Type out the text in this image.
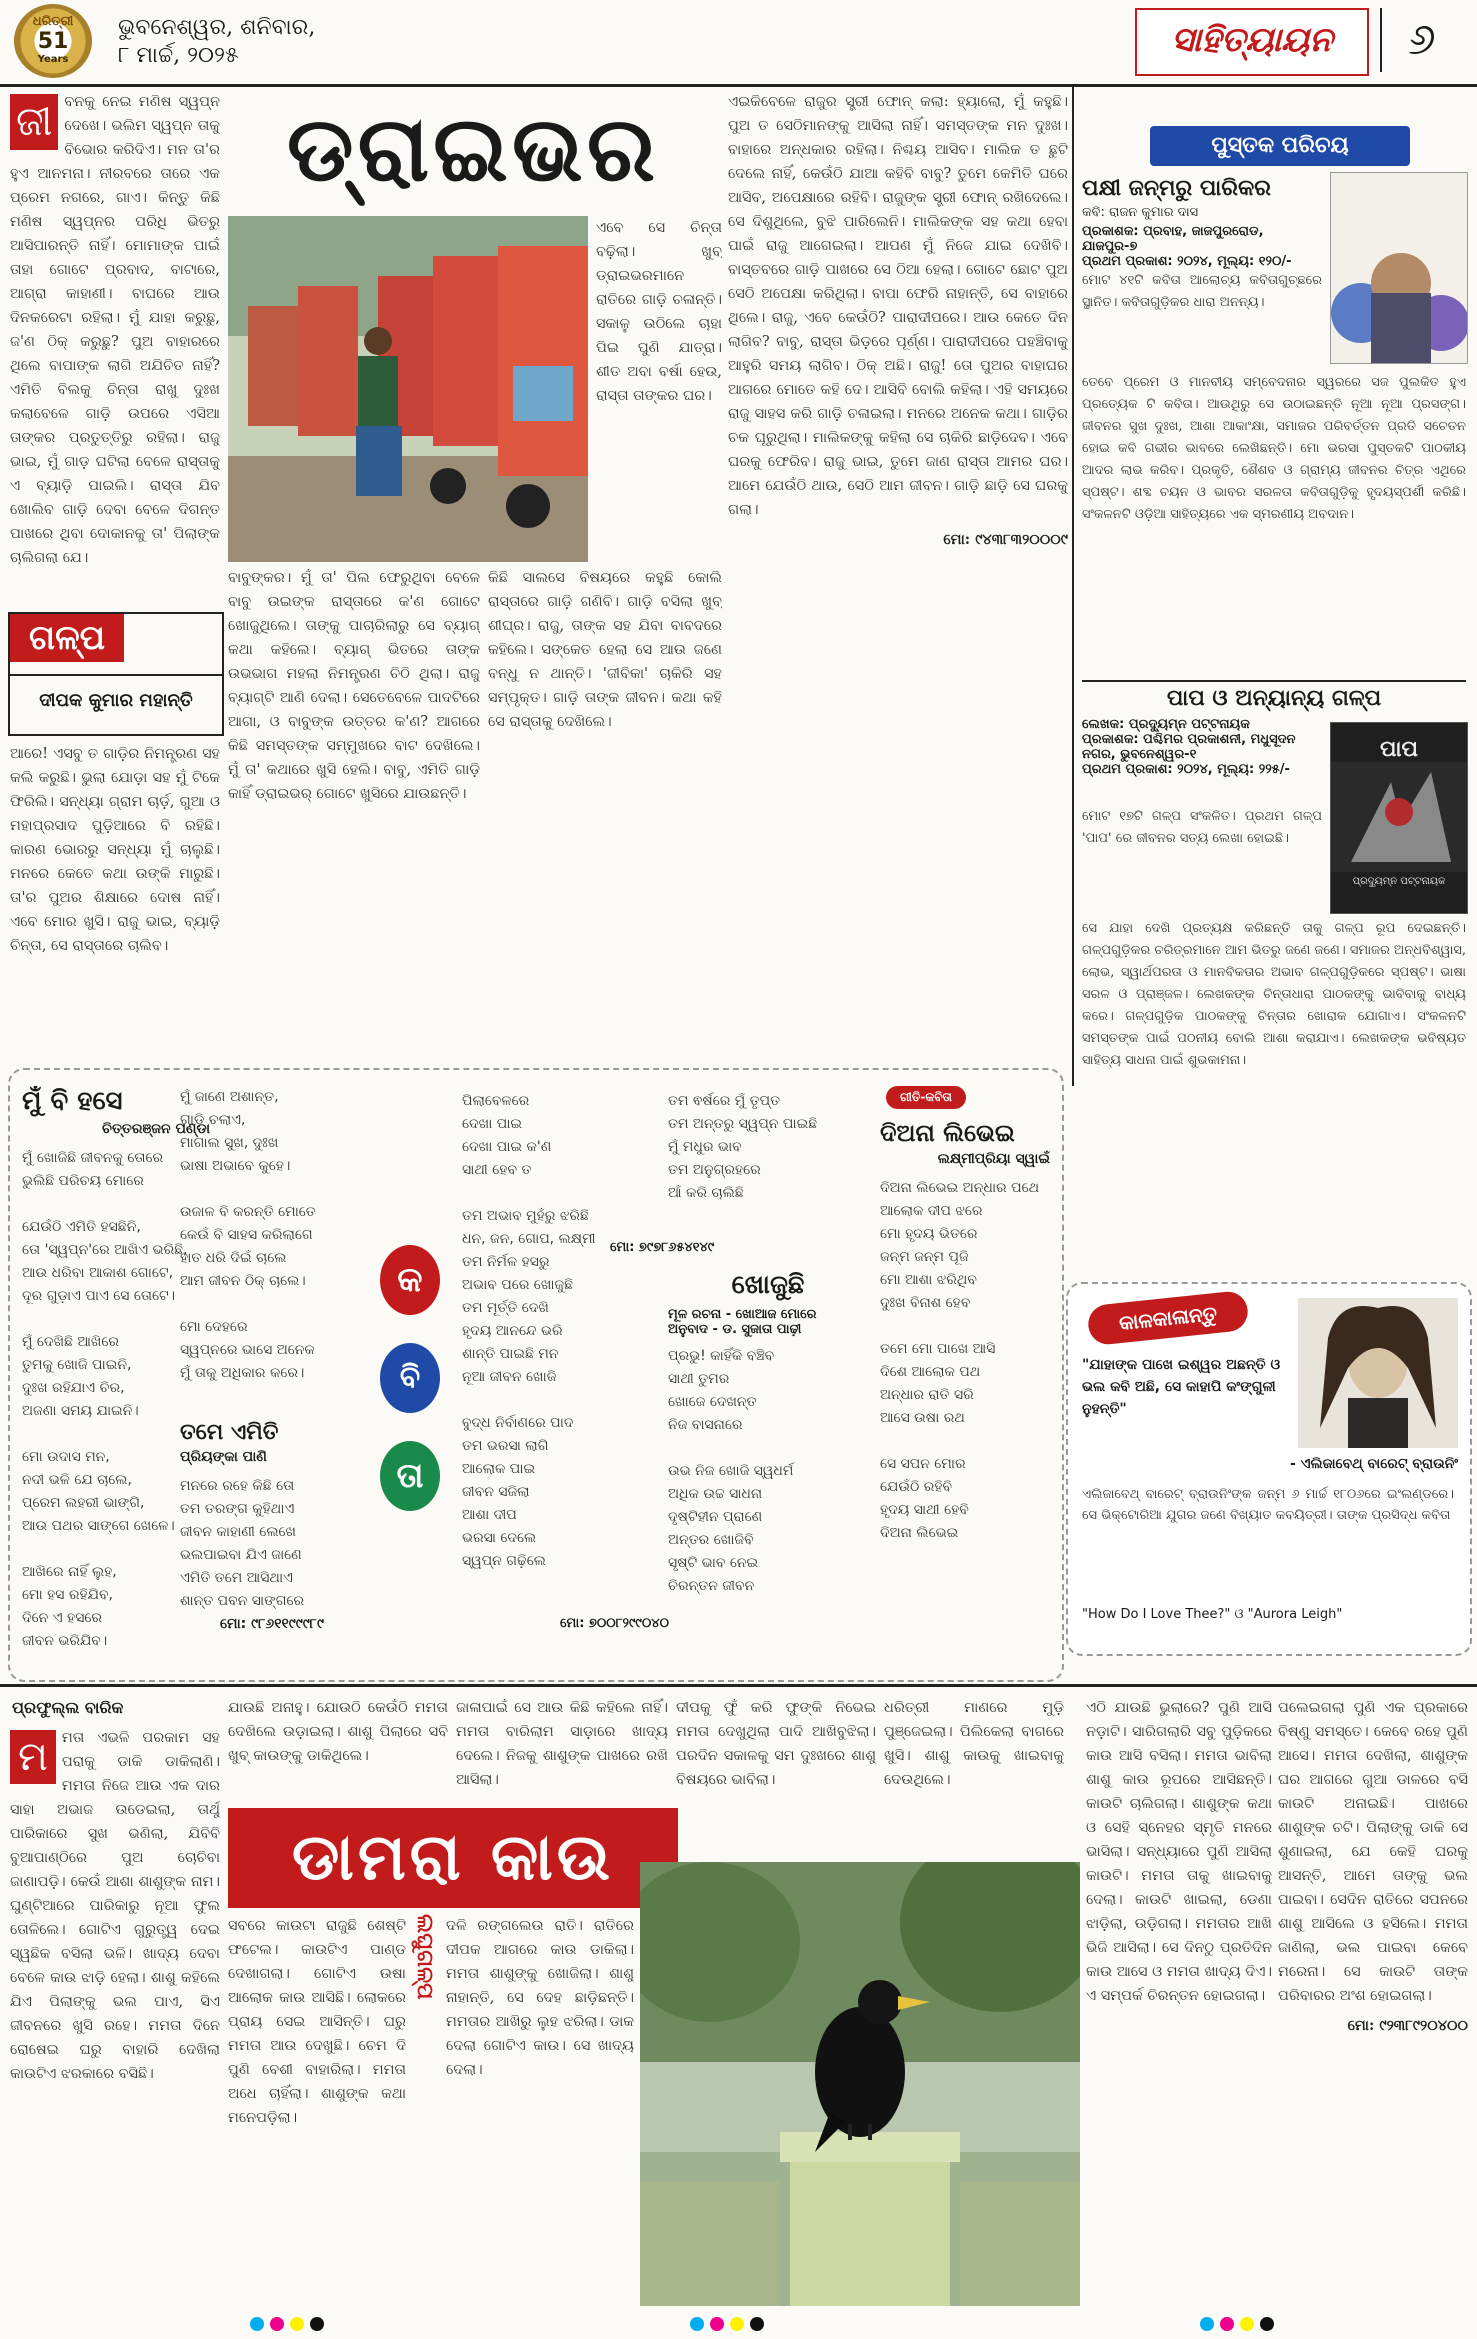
ଧରିତ୍ରୀ
51
Years
ଭୁବନେଶ୍ୱର, ଶନିବାର,
୮ ମାର୍ଚ୍ଚ, ୨୦୨୫	ସାହିତ୍ୟାୟନ	୬
ଡ୍ରାଇଭର
ଜୀ ବନକୁ ନେଇ ମଣିଷ ସ୍ୱପ୍ନ ଦେଖେ। ଭଲିମ ସ୍ୱପ୍ନ ତାକୁ ବିଭୋର କରିଦିଏ। ମନ ତା'ର ହୁଏ ଆନମନା। ନୀରବରେ ତାରେ ଏକ ପ୍ରେମ ନଗରେ, ଗାଏ। କିନ୍ତୁ କିଛି ମଣିଷ ସ୍ୱପ୍ନର ପରିଧି ଭିତରୁ ଆସିପାରନ୍ତି ନାହିଁ। ମୋମାଙ୍କ ପାଇଁ ତାହା ଗୋଟେ ପ୍ରବାଦ, ବାଟାରେ, ଆଗ୍ରା କାହାଣୀ। ବାଘରେ ଆଉ ଦିନକରେଟା ରହିଲା। ମୁଁ ଯାହା କରୁଛୁ, ଜ'ଣ ଠିକ୍ କରୁଛୁ? ପୁଅ ବାହାରରେ ଥିଲେ ବାପାଙ୍କ ଲାଗି ଅଯିଚିତ ନାହିଁ? ଏମିତି ବିଲକୁ ଚିନ୍ତା ରାଖୁ ଦୁଃଖ କଲାବେଳେ ଗାଡ଼ି ଉପରେ ଏସିଆ ତାଙ୍କର ପ୍ରତୁତ୍ତିରୁ ରହିଲା। ରାଜୁ ଭାଇ, ମୁଁ ଗାଡ଼ ଘଟିଲା ବେଳେ ରାସ୍ତାକୁ ଏ ବ୍ୟାଡ଼ି ପାଇଲି। ରାସ୍ତା ଯିବ ଖୋଲିବ ଗାଡ଼ି ଦେବା ବେଳେ ଦିଗନ୍ତ ପାଖରେ ଥିବା ଦୋକାନକୁ ତା' ପିଲାଙ୍କ ଚାଲିଗଲା ଯେ।
ଏବେ ସେ ଚିନ୍ତା ବଢ଼ିଲା। ଖୁବ୍ ଡ୍ରାଇଭରମାନେ ରାତିରେ ଗାଡ଼ି ଚଳାନ୍ତି। ସକାଳୁ ଉଠିଲେ ଚାହା ପିଇ ପୁଣି ଯାତ୍ରା। ଶୀତ ଅବା ବର୍ଷା ହେଉ, ରାସ୍ତା ତାଙ୍କର ଘର।
ଗଳ୍ପ
ଦୀପକ କୁମାର ମହାନ୍ତି
ଆରେ! ଏସବୁ ତ ଗାଡ଼ିର ନିମନ୍ତ୍ରଣ ସହ କଲି କରୁଛି। ଭୁଲା ଯୋଡ଼ା ସହ ମୁଁ ଟିକେ ଫିରିଲି। ସନ୍ଧ୍ୟା ଗ୍ରାମ ଚାର୍ଡ଼, ଗୁଆ ଓ ମହାପ୍ରସାଦ ପୁଡ଼ିଆରେ ବି ରହିଛି। କାରଣ ଭୋରରୁ ସନ୍ଧ୍ୟା ମୁଁ ଚାଲୁଛି। ମନରେ କେତେ କଥା ଉଙ୍କି ମାରୁଛି। ତା'ର ପୁଅର ଶିକ୍ଷାରେ ଦୋଷ ନାହିଁ। ଏବେ ମୋର ଖୁସି। ରାଜୁ ଭାଇ, ବ୍ୟାଡ଼ି ଚିନ୍ତା, ସେ ରାସ୍ତାରେ ଚାଲିବ।
ବାବୁଙ୍କର। ମୁଁ ତା' ପିଲ ଫେରୁଥିବା ବେଳେ ବାବୁ ଉଇଙ୍କ ରାସ୍ତାରେ କ'ଣ ଗୋଟେ ଖୋଜୁଥିଲେ। ତାଙ୍କୁ ପାଚାରିଲାରୁ ସେ ବ୍ୟାଗ୍ କଥା କହିଲେ। ବ୍ୟାଗ୍ ଭିତରେ ତାଙ୍କ ଉଭଭାଗ ମହଲା ନିମନ୍ତ୍ରଣ ଚିଠି ଥିଲା। ରାଜୁ ବ୍ୟାଗ୍ଟି ଆଣି ଦେଲା। ସେତେବେଳେ ପାଦଟିରେ ଆଗା, ଓ ବାବୁଙ୍କ ଉତ୍ତର କ'ଣ? ଆଗରେ କିଛି ସମସ୍ତଙ୍କ ସମ୍ମୁଖରେ ବାଟ ଦେଖିଲେ। ମୁଁ ତା' କଥାରେ ଖୁସି ହେଲି। ବାବୁ, ଏମିତି ଗାଡ଼ି କାହିଁ ଡ୍ରାଇଭର୍ ଗୋଟେ ଖୁସିରେ ଯାଉଛନ୍ତି।
କିଛି ସାଲସେ ବିଷୟରେ କହୁଛି କୋଲି ରାସ୍ତାରେ ଗାଡ଼ି ଗଣିବି। ଗାଡ଼ି ବସିଲା ଖୁବ୍ ଶୀଘ୍ର। ରାଜୁ, ତାଙ୍କ ସହ ଯିବା ବାବଦରେ କହିଲେ। ସଙ୍କେତ ହେଲା ସେ ଆଉ ଜଣେ ବନ୍ଧୁ ନ ଥାନ୍ତି। 'ଜୀବିକା' ଚାକିରି ସହ ସମ୍ପୃକ୍ତ। ଗାଡ଼ି ତାଙ୍କ ଜୀବନ। କଥା କହି ସେ ରାସ୍ତାକୁ ଦେଖିଲେ।
ଏଇକିବେଳେ ରାଜୁର ସ୍ତ୍ରୀ ଫୋନ୍ କଲା: ହ୍ୟାଲୋ, ମୁଁ କହୁଛି। ପୁଅ ତ ସେଠିମାନଙ୍କୁ ଆସିଲା ନାହିଁ। ସମସ୍ତଙ୍କ ମନ ଦୁଃଖ। ବାହାରେ ଅନ୍ଧକାର ରହିଲା। ନିଶ୍ଚୟ ଆସିବ। ମାଲିକ ତ ଛୁଟି ଦେଲେ ନାହିଁ, କେଉଁଠି ଯାଆ କହିବି ବାବୁ? ତୁମେ କେମିତି ଘରେ ଆସିବ, ଅପେକ୍ଷାରେ ରହିବି। ରାଜୁଙ୍କ ସ୍ତ୍ରୀ ଫୋନ୍ ରଖିଦେଲେ। ସେ ଦିଶୁଥିଲେ, ବୁଝି ପାରିଲେନି। ମାଲିକଙ୍କ ସହ କଥା ହେବା ପାଇଁ ରାଜୁ ଆଗେଇଲା। ଆପଣ ମୁଁ ନିଜେ ଯାଇ ଦେଖିବି। ବାସ୍ତବରେ ଗାଡ଼ି ପାଖରେ ସେ ଠିଆ ହେଲା। ଗୋଟେ ଛୋଟ ପୁଅ ସେଠି ଅପେକ୍ଷା କରିଥିଲା। ବାପା ଫେରି ନାହାନ୍ତି, ସେ ବାହାରେ ଥିଲେ। ରାଜୁ, ଏବେ କେଉଁଠି? ପାରାଦୀପରେ। ଆଉ କେତେ ଦିନ ଲାଗିବ? ବାବୁ, ରାସ୍ତା ଭିଡ଼ରେ ପୂର୍ଣ୍ଣ। ପାରାଦୀପରେ ପହଞ୍ଚିବାକୁ ଆହୁରି ସମୟ ଲାଗିବ। ଠିକ୍ ଅଛି। ରାଜୁ! ତୋ ପୁଅର ବାହାଘର ଆଗରେ ମୋତେ କହି ଦେ। ଆସିବି ବୋଲି କହିଲା। ଏହି ସମୟରେ ରାଜୁ ସାହସ କରି ଗାଡ଼ି ଚଳାଇଲା। ମନରେ ଅନେକ କଥା। ଗାଡ଼ିର ଚକ ଘୂରୁଥିଲା। ମାଲିକଙ୍କୁ କହିଲା ସେ ଚାକିରି ଛାଡ଼ିଦେବ। ଏବେ ଘରକୁ ଫେରିବ। ରାଜୁ ଭାଇ, ତୁମେ ଜାଣ ରାସ୍ତା ଆମର ଘର। ଆମେ ଯେଉଁଠି ଥାଉ, ସେଠି ଆମ ଜୀବନ। ଗାଡ଼ି ଛାଡ଼ି ସେ ଘରକୁ ଗଲା।
ମୋ: ୯୪୩୮୩୨୦୦୦୯
ପୁସ୍ତକ ପରିଚୟ
ପକ୍ଷୀ ଜନ୍ମରୁ ପାରିକର
କବି: ରାଜନ କୁମାର ଦାସ
ପ୍ରକାଶକ: ପ୍ରବାହ, ଜାଜପୁରରୋଡ, ଯାଜପୁର-୭
ପ୍ରଥମ ପ୍ରକାଶ: ୨୦୨୪, ମୂଲ୍ୟ: ୧୨୦/-
ମୋଟ ୪୧ଟି କବିତା ଆଲୋଚ୍ୟ କବିତାଗୁଚ୍ଛରେ ସ୍ଥାନିତ। କବିତାଗୁଡ଼ିକର ଧାରା ଅନନ୍ୟ।
ତେବେ ପ୍ରେମ ଓ ମାନବୀୟ ସମ୍ବେଦନାର ସ୍ୱରରେ ସଜ ପୁଲକିତ ହୁଏ ପ୍ରତ୍ୟେକ ଟି କବିତା। ଆଉଥିରୁ ସେ ଉଠାଇଛନ୍ତି ନୂଆ ନୂଆ ପ୍ରସଙ୍ଗ। ଜୀବନର ସୁଖ ଦୁଃଖ, ଆଶା ଆକାଂକ୍ଷା, ସମାଜର ପରିବର୍ତ୍ତନ ପ୍ରତି ସଚେତନ ହୋଇ କବି ଗଭୀର ଭାବରେ ଲେଖିଛନ୍ତି। ମୋ ଭରସା ପୁସ୍ତକଟି ପାଠକୀୟ ଆଦର ଲାଭ କରିବ। ପ୍ରକୃତି, ଶୈଶବ ଓ ଗ୍ରାମ୍ୟ ଜୀବନର ଚିତ୍ର ଏଥିରେ ସ୍ପଷ୍ଟ। ଶବ୍ଦ ଚୟନ ଓ ଭାବର ସରଳତା କବିତାଗୁଡ଼ିକୁ ହୃଦୟସ୍ପର୍ଶୀ କରିଛି। ସଂକଳନଟି ଓଡ଼ିଆ ସାହିତ୍ୟରେ ଏକ ସ୍ମରଣୀୟ ଅବଦାନ।
ପାପ ଓ ଅନ୍ୟାନ୍ୟ ଗଳ୍ପ
ଲେଖକ: ପ୍ରଦ୍ୟୁମ୍ନ ପଟ୍ଟନାୟକ
ପ୍ରକାଶକ: ପଶ୍ଚିମର ପ୍ରକାଶନୀ, ମଧୁସୂଦନ ନଗର, ଭୁବନେଶ୍ୱର-୧
ପ୍ରଥମ ପ୍ରକାଶ: ୨୦୨୪, ମୂଲ୍ୟ: ୨୨୫/-
ପାପ
ପ୍ରଦ୍ୟୁମ୍ନ ପଟ୍ଟନାୟକ
ମୋଟ ୧୭ଟି ଗଳ୍ପ ସଂକଳିତ। ପ୍ରଥମ ଗଳ୍ପ 'ପାପ' ରେ ଜୀବନର ସତ୍ୟ ଲେଖା ହୋଇଛି।
ସେ ଯାହା ଦେଖି ପ୍ରତ୍ୟକ୍ଷ କରିଛନ୍ତି ତାକୁ ଗଳ୍ପ ରୂପ ଦେଇଛନ୍ତି। ଗଳ୍ପଗୁଡ଼ିକର ଚରିତ୍ରମାନେ ଆମ ଭିତରୁ ଜଣେ ଜଣେ। ସମାଜର ଅନ୍ଧବିଶ୍ୱାସ, ଲୋଭ, ସ୍ୱାର୍ଥପରତା ଓ ମାନବିକତାର ଅଭାବ ଗଳ୍ପଗୁଡ଼ିକରେ ସ୍ପଷ୍ଟ। ଭାଷା ସରଳ ଓ ପ୍ରାଞ୍ଜଳ। ଲେଖକଙ୍କ ଚିନ୍ତାଧାରା ପାଠକଙ୍କୁ ଭାବିବାକୁ ବାଧ୍ୟ କରେ। ଗଳ୍ପଗୁଡ଼ିକ ପାଠକଙ୍କୁ ଚିନ୍ତାର ଖୋରାକ ଯୋଗାଏ। ସଂକଳନଟି ସମସ୍ତଙ୍କ ପାଇଁ ପଠନୀୟ ବୋଲି ଆଶା କରାଯାଏ। ଲେଖକଙ୍କ ଭବିଷ୍ୟତ ସାହିତ୍ୟ ସାଧନା ପାଇଁ ଶୁଭକାମନା।
କାଳକାଳାନ୍ତୁ
"ଯାହାଙ୍କ ପାଖେ ଇଶ୍ୱର ଅଛନ୍ତି ଓ ଭଲ କବି ଅଛି, ସେ କାହାପି କଂଙ୍ଗୁଳୀ ନୁହନ୍ତି"
- ଏଲିଜାବେଥ୍ ବାରେଟ୍ ବ୍ରାଉନିଂ
ଏଲିଜାବେଥ୍ ବାରେଟ୍ ବ୍ରାଉନିଂଙ୍କ ଜନ୍ମ ୬ ମାର୍ଚ୍ଚ ୧୮୦୬ରେ ଇଂଲଣ୍ଡରେ। ସେ ଭିକ୍ଟୋରିଆ ଯୁଗର ଜଣେ ବିଖ୍ୟାତ କବୟିତ୍ରୀ। ତାଙ୍କ ପ୍ରସିଦ୍ଧ କବିତା
"How Do I Love Thee?" ଓ "Aurora Leigh"
କ
ବି
ତା
ମୁଁ ବି ହସେ
ଚିତ୍ତରଞ୍ଜନ ପଣ୍ଡା
ମୁଁ ଖୋଜିଛି ଜୀବନକୁ ତୋରେ
ଭୁଲିଛି ପରିଚୟ ମୋରେ

ଯେଉଁଠି ଏମିତି ହସଛିନି,
ତୋ 'ସ୍ୱପ୍ନ'ରେ ଆଖିଏ ଭରିଛି,
ଆଉ ଧରିବା ଆକାଶ ଗୋଟେ,
ଦୂର ଗୁଡ଼ାଏ ପାଏ ସେ ତୋଟେ।

ମୁଁ ଦେଖିଛି ଆଖିରେ
ତୁମକୁ ଖୋଜି ପାଇନି,
ଦୁଃଖ ରହିଯାଏ ଚିର,
ଅଜଣା ସମୟ ଯାଇନି।

ମୋ ଉଦାସ ମନ,
ନଦୀ ଭଳି ଯେ ଚାଲେ,
ପ୍ରେମ ଲହରୀ ଭାଙ୍ଗି,
ଆଉ ପଥର ସାଙ୍ଗେ ଖେଳେ।

ଆଖିରେ ନାହିଁ ଲୁହ,
ମୋ ହସ ରହିଯିବ,
ଦିନେ ଏ ହସରେ
ଜୀବନ ଭରିଯିବ।
ମୋ: ୯୮୬୧୧୯୯୯୮୯
ମୁଁ ଜାଣେ ଅଶାନ୍ତ,
ଗାଡ଼ି ଚଲାଏ,
ମାଗାଲ ସୁଖ, ଦୁଃଖ
ଭାଷା ଅଭାବେ କୁହେ।

ଉଜାଳ ବି କରନ୍ତି ମୋତେ
କେଉଁ ବି ସାହସ କରିଲାଗେ
ହାତ ଧରି ଦିଇଁ ଚାଲେ
ଆମ ଜୀବନ ଠିକ୍ ଚାଲେ।

ମୋ ଦେହରେ
ସ୍ୱପ୍ନରେ ଭାସେ ଅନେକ
ମୁଁ ତାକୁ ଅଧିକାର କରେ।
ତମେ ଏମିତି
ପ୍ରିୟଙ୍କା ପାଣି
ମନରେ ରହେ କିଛି ତୋ
ତମ ତରଙ୍ଗ କୁହିଥାଏ
ଜୀବନ କାହାଣୀ ଲେଖେ
ଭଲପାଇବା ଯିଏ ଜାଣେ
ଏମିତି ତମେ ଆସିଥାଏ
ଶାନ୍ତ ପବନ ସାଙ୍ଗରେ
ପିଲାବେଳରେ
ଦେଖା ପାଇ
ଦେଖା ପାଇ କ'ଣ
ସାଥୀ ହେବ ତ

ତମ ଅଭାବ ମୁହଁରୁ ଝରିଛି
ଧନ, ଜନ, ଗୋପ, ଲକ୍ଷ୍ମୀ
ତମ ନିର୍ମଳ ହସରୁ
ଅଭାବ ପରେ ଖୋଜୁଛି
ତମ ମୂର୍ତ୍ତି ଦେଖି
ହୃଦୟ ଆନନ୍ଦେ ଭରି
ଶାନ୍ତି ପାଇଛି ମନ
ନୂଆ ଜୀବନ ଖୋଜି

ବୁଦ୍ଧ ନିର୍ବାଣରେ ପାଦ
ତମ ଭରସା ଲାଗି
ଆଲୋକ ପାଇ
ଜୀବନ ସଜିଲା
ଆଶା ଦୀପ
ଭରସା ଦେଲେ
ସ୍ୱପ୍ନ ଗଢ଼ିଲେ
ତମ ଵର୍ଷରେ ମୁଁ ତୃପ୍ତ
ତମ ଅନ୍ତରୁ ସ୍ୱପ୍ନ ପାଇଛି
ମୁଁ ମଧୁର ଭାବ
ତମ ଅନୁଗ୍ରହରେ
ଆଁ କରି ଚାଲିଛି
ମୋ: ୭୯୭୮୬୫୪୧୪୯
ଖୋଜୁଛି
ମୂଳ ରଚନା - ଖୋଆଜ ମୋରେ
ଅନୁବାଦ - ଡ. ସୁଜାତା ପାଢ଼ୀ
ପ୍ରଭୁ! କାହିଁକି ବଞ୍ଚିବ
ସାଥୀ ତୁମର
ଖୋଜେ ଦେଖନ୍ତ
ନିଜ ବାସନାରେ

ଉଭ ନିଜ ଖୋଜି ସ୍ୱଧର୍ମ
ଅଧିକ ଉଚ୍ଚ ସାଧନା
ଦୃଷ୍ଟିହୀନ ପ୍ରାଣେ
ଅନ୍ତର ଖୋଜିବି
ସୃଷ୍ଟି ଭାବ ନେଇ
ଚିରନ୍ତନ ଜୀବନ
ମୋ: ୭୦୦୮୨୯୯୦୪୦
ଗୀତି-କବିତା
ଦିଅନା ଲିଭେଇ
ଲକ୍ଷ୍ମୀପ୍ରିୟା ସ୍ୱାଇଁ
ଦିଅନା ଲିଭେଇ ଅନ୍ଧାର ପଥେ
ଆଲୋକ ଦୀପ ଝରେ
ମୋ ହୃଦୟ ଭିତରେ
ଜନ୍ମ ଜନ୍ମ ପୂଜି
ମୋ ଆଶା ଝରିଥିବ
ଦୁଃଖ ବିନାଶ ହେବ

ତମେ ମୋ ପାଖେ ଆସି
ଦିଶେ ଆଲୋକ ପଥ
ଅନ୍ଧାର ରାତି ସରି
ଆସେ ଉଷା ରଥ

ସେ ସପନ ମୋର
ଯେଉଁଠି ରହିବି
ହୃଦୟ ସାଥୀ ହେବି
ଦିଅନା ଲିଭେଇ
ପ୍ରଫୁଲ୍ଲ ବାରିକ
ମ ମତା ଏଭଳି ପରକାମ ସହ ପରାକୁ ଡାକି ଡାକିଲାଣି। ମମତା ନିଜେ ଆଉ ଏକ ଦାର ସାହା ଅଭାଜ ଉଡେଇଲା, ତାର୍ଥୁ ପାରିକାରେ ସୁଖ ଭଣିଲା, ଯିବିବି ବୁଆପାଣ୍ଠିରେ ପୁଅ ଚୋଚିବା ଜାଣାପଡ଼ି। କେଉଁ ଆଶା ଶାଶୁଙ୍କ ନାମ। ଘୁଣ୍ଟିଆରେ ପାରିକାରୁ ନୂଆ ଫୁଲ ତୋଳିଲେ। ଗୋଟିଏ ଗୁରୁତ୍ତ୍ୱ ଦେଇ ସ୍ୱଛିକ ବସିଲା ଭଳି। ଖାଦ୍ୟ ଦେବା ବେଳେ କାଉ ଝାଡ଼ି ହେଲା। ଶାଶୁ କହିଲେ ଯିଏ ପିଲାଙ୍କୁ ଭଲ ପାଏ, ସିଏ ଜୀବନରେ ଖୁସି ରହେ। ମମତା ଦିନେ ରୋଷେଇ ଘରୁ ବାହାରି ଦେଖିଲା କାଉଟିଏ ଝରକାରେ ବସିଛି।
ଡାମରା କାଉ
ଯାଉଛି ଅନାହୁ। ଯୋଉଠି କେଉଁଠି ମମତା ଦେଖିଲେ ଉଡ଼ାଇଲା। ଶାଶୁ ପିଲାରେ ସବି ଖୁବ୍ କାଉଙ୍କୁ ଡାକିଥିଲେ।
ଜାଳାପାଇଁ ସେ ଆଉ କିଛି କହିଲେ ନାହିଁ। ମମତା ବାରିଲାମ ସାଡ଼ାରେ ଖାଦ୍ୟ ଦେଲେ। ନିଜକୁ ଶାଶୁଙ୍କ ପାଖରେ ରଖି ଆସିଲା।
ସବରେ କାଉଟା ରାଜୁଛି ଶେଷ୍ଟି ଫଟେଲ। କାଉଟିଏ ପାଣ୍ଡ ଦେଖାଗଲା। ଗୋଟିଏ ଉଷା ଆଲୋକ କାଉ ଆସିଛି। ଲୋକରେ ପ୍ରାୟ ସେଇ ଆସିନ୍ତି। ଘରୁ ମମତା ଆଉ ଦେଖୁଛି। ଚେମ ଦି ପୁଣି ବେଶୀ ବାହାରିଲା। ମମତା ଅଧେ ଚାହିଁଲା। ଶାଶୁଙ୍କ କଥା ମନେପଡ଼ିଲା।
ଲଘୁଗଳ୍ପ ଦଳି ରଙ୍ଗଲେଉ ରାତି। ରାତିରେ ଦୀପକ ଆଗରେ କାଉ ଡାକିଲା। ମମତା ଶାଶୁଙ୍କୁ ଖୋଜିଲା। ଶାଶୁ ନାହାନ୍ତି, ସେ ଦେହ ଛାଡ଼ିଛନ୍ତି। ମମତାର ଆଖିରୁ ଲୁହ ଝରିଲା। ଡାକ ଦେଲା ଗୋଟିଏ କାଉ। ସେ ଖାଦ୍ୟ ଦେଲା।
ଦୀପକୁ ଫୁଁ କରି ଫୁଙ୍କି ନିଭେଇ ମମତା ଦେଖୁଥିଲା ପାଦି ଆଖିବୁଝିଲା। ପରଦିନ ସକାଳକୁ ସମ ଦୁଃଖରେ ଶାଶୁ ବିଷୟରେ ଭାବିଲା।
ଧରିତ୍ରୀ ମାଣରେ ମୁଡ଼ି ପୁଞ୍ଜେଇଲା। ପିଲିକେଲା ବାଗରେ ଖୁସି। ଶାଶୁ କାଉକୁ ଖାଇବାକୁ ଦେଉଥିଲେ।
ଏଠି ଯାଉଛି ଭୁଲାରେ? ପୁଣି ଆସି ନଡ଼ାଟି। ସାରିଗଲାରି ସବୁ ପୁଡ଼ିକରେ କାଉ ଆସି ବସିଲା। ମମତା ଭାବିଲା ଶାଶୁ କାଉ ରୂପରେ ଆସିଛନ୍ତି। କାଉଟି ଚାଲିଗଲା। ଶାଶୁଙ୍କ କଥା ଓ ସେହି ସ୍ନେହର ସ୍ମୃତି ମନରେ ଭାସିଲା। ସନ୍ଧ୍ୟାରେ ପୁଣି ଆସିଲା କାଉଟି। ମମତା ତାକୁ ଖାଇବାକୁ ଦେଲା। କାଉଟି ଖାଇଲା, ଡେଣା ଝାଡ଼ିଲା, ଉଡ଼ିଗଲା। ମମତାର ଆଖି ଭିଜି ଆସିଲା। ସେ ଦିନଠୁ ପ୍ରତିଦିନ କାଉ ଆସେ ଓ ମମତା ଖାଦ୍ୟ ଦିଏ। ଏ ସମ୍ପର୍କ ଚିରନ୍ତନ ହୋଇଗଲା।
ପଲେଇଗଲା ପୁଣି ଏକ ପ୍ରକାରେ ବିଷ୍ଣୁ ସମସ୍ତେ। କେବେ ରହେ ପୁଣି ଆସେ। ମମତା ଦେଖିଲା, ଶାଶୁଙ୍କ ଘର ଆଗରେ ଗୁଆ ଡାଳରେ ବସି କାଉଟି ଅନାଇଛି। ପାଖରେ ଶାଶୁଙ୍କ ଚଟି। ପିଲାଙ୍କୁ ଡାକି ସେ ଶୁଣାଇଲା, ଯେ କେହି ଘରକୁ ଆସନ୍ତି, ଆମେ ତାଙ୍କୁ ଭଲ ପାଇବା। ସେଦିନ ରାତିରେ ସପନରେ ଶାଶୁ ଆସିଲେ ଓ ହସିଲେ। ମମତା ଜାଣିଲା, ଭଲ ପାଇବା କେବେ ମରେନା। ସେ କାଉଟି ତାଙ୍କ ପରିବାରର ଅଂଶ ହୋଇଗଲା।
ମୋ: ୯୨୩୮୯୨୦୪୦୦
